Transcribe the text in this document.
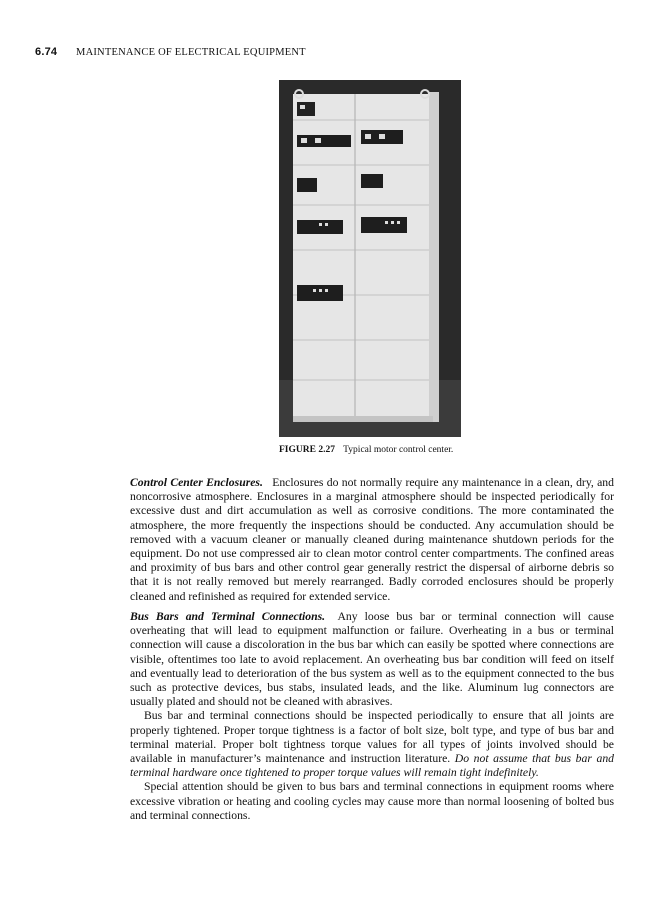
6.74 MAINTENANCE OF ELECTRICAL EQUIPMENT
FIGURE 2.27 Typical motor control center.

Control Center Enclosures. Enclosures do not normally require any maintenance in a clean, dry, and noncorrosive atmosphere. Enclosures in a marginal atmosphere should be inspected periodically for excessive dust and dirt accumulation as well as corrosive conditions. The more contaminated the atmosphere, the more frequently the inspections should be conducted. Any accumulation should be removed with a vacuum cleaner or manually cleaned during maintenance shutdown periods for the equipment. Do not use compressed air to clean motor control center compartments. The confined areas and proximity of bus bars and other control gear generally restrict the dispersal of airborne debris so that it is not really removed but merely rearranged. Badly corroded enclosures should be properly cleaned and refinished as required for extended service.

Bus Bars and Terminal Connections. Any loose bus bar or terminal connection will cause overheating that will lead to equipment malfunction or failure. Overheating in a bus or terminal connection will cause a discoloration in the bus bar which can easily be spotted where connections are visible, oftentimes too late to avoid replacement. An overheating bus bar condition will feed on itself and eventually lead to deterioration of the bus system as well as to the equipment connected to the bus such as protective devices, bus stabs, insulated leads, and the like. Aluminum lug connectors are usually plated and should not be cleaned with abrasives.

Bus bar and terminal connections should be inspected periodically to ensure that all joints are properly tightened. Proper torque tightness is a factor of bolt size, bolt type, and type of bus bar and terminal material. Proper bolt tightness torque values for all types of joints involved should be available in manufacturer’s maintenance and instruction literature. Do not assume that bus bar and terminal hardware once tightened to proper torque values will remain tight indefinitely.

Special attention should be given to bus bars and terminal connections in equipment rooms where excessive vibration or heating and cooling cycles may cause more than normal loosening of bolted bus and terminal connections.
